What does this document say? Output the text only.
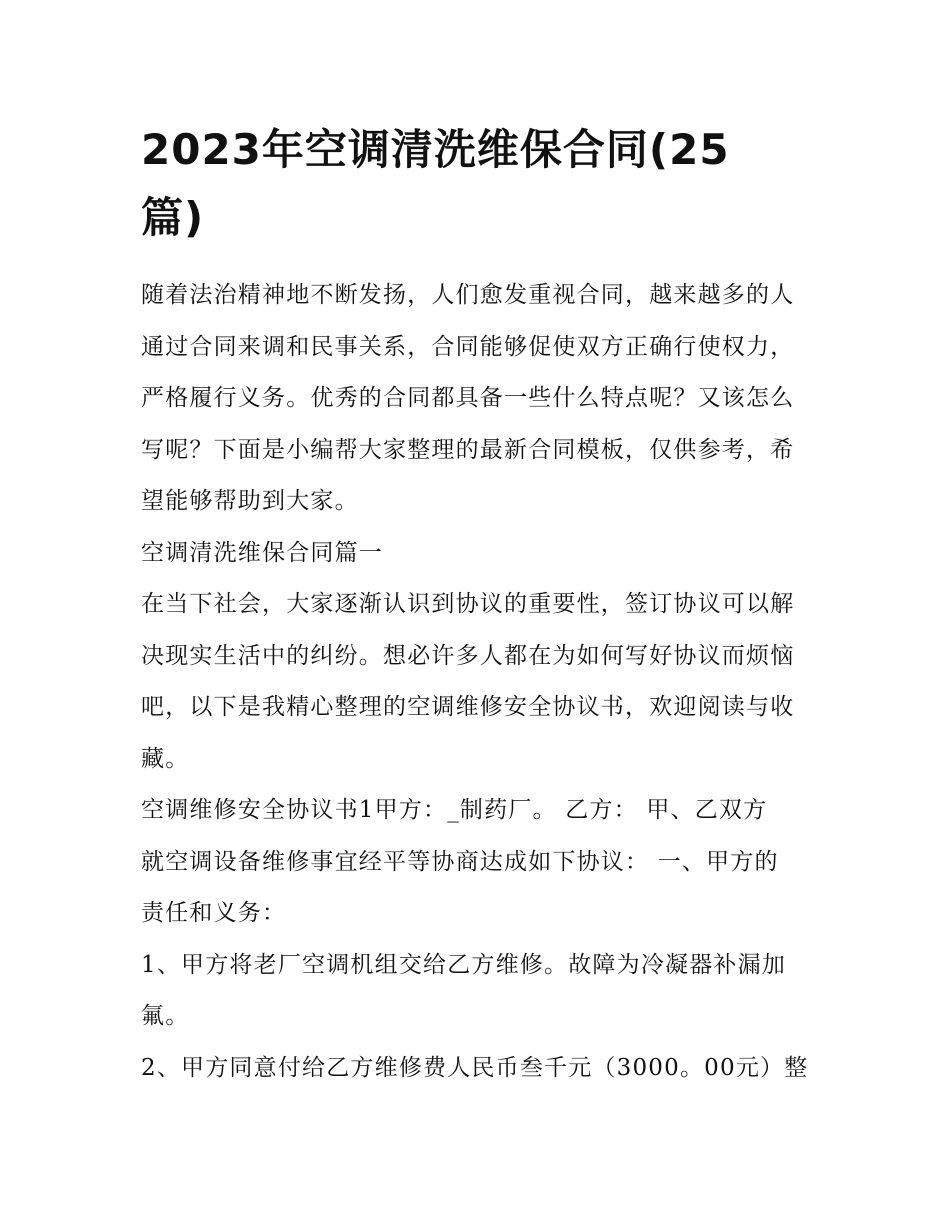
2023年空调清洗维保合同(25
篇)

随着法治精神地不断发扬，人们愈发重视合同，越来越多的人
通过合同来调和民事关系，合同能够促使双方正确行使权力，
严格履行义务。优秀的合同都具备一些什么特点呢？又该怎么
写呢？下面是小编帮大家整理的最新合同模板，仅供参考，希
望能够帮助到大家。

空调清洗维保合同篇一

在当下社会，大家逐渐认识到协议的重要性，签订协议可以解
决现实生活中的纠纷。想必许多人都在为如何写好协议而烦恼
吧，以下是我精心整理的空调维修安全协议书，欢迎阅读与收
藏。

空调维修安全协议书1甲方：_制药厂。 乙方： 甲、乙双方
就空调设备维修事宜经平等协商达成如下协议： 一、甲方的
责任和义务：

1、甲方将老厂空调机组交给乙方维修。故障为冷凝器补漏加
氟。

2、甲方同意付给乙方维修费人民币叁千元（3000。00元）整
